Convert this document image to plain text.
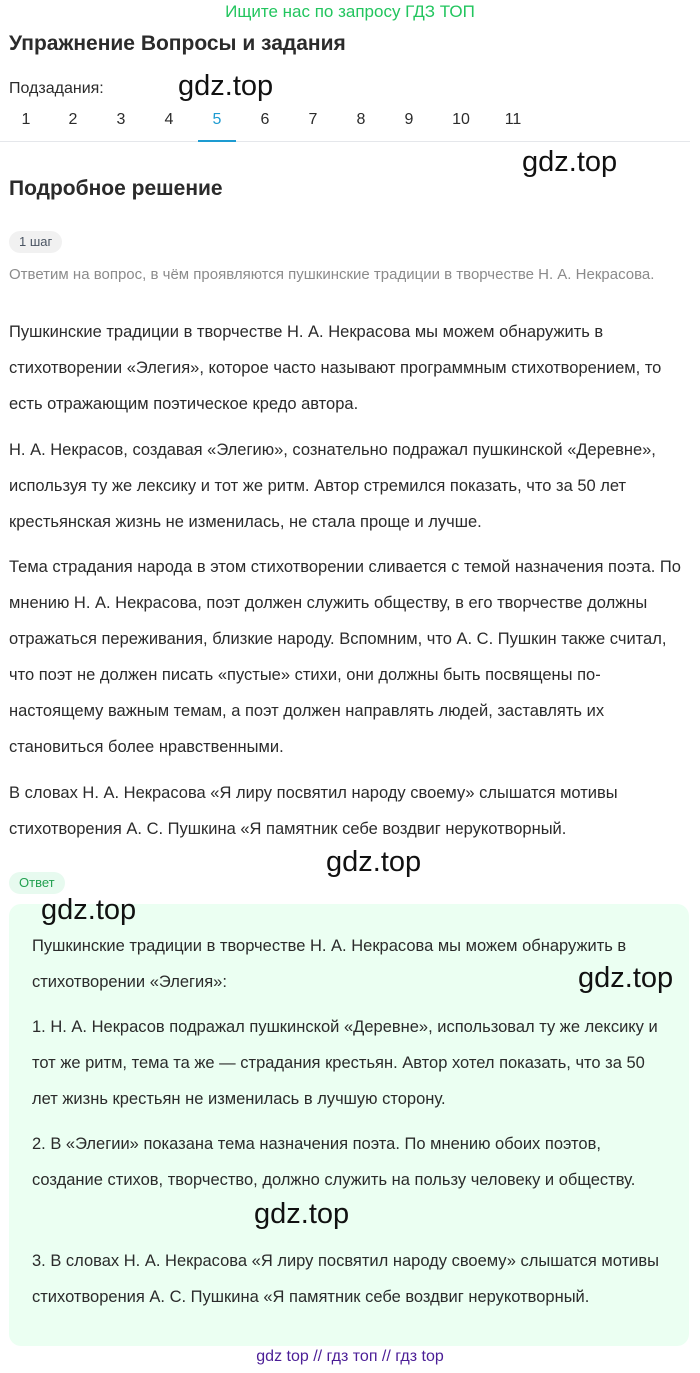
Ищите нас по запросу ГДЗ ТОП
Упражнение Вопросы и задания
Подзадания:
1	2	3	4	5	6	7	8	9	10	11
Подробное решение
1 шаг

Ответим на вопрос, в чём проявляются пушкинские традиции в творчестве Н. А. Некрасова.

Пушкинские традиции в творчестве Н. А. Некрасова мы можем обнаружить в стихотворении «Элегия», которое часто называют программным стихотворением, то есть отражающим поэтическое кредо автора.

Н. А. Некрасов, создавая «Элегию», сознательно подражал пушкинской «Деревне», используя ту же лексику и тот же ритм. Автор стремился показать, что за 50 лет крестьянская жизнь не изменилась, не стала проще и лучше.

Тема страдания народа в этом стихотворении сливается с темой назначения поэта. По мнению Н. А. Некрасова, поэт должен служить обществу, в его творчестве должны отражаться переживания, близкие народу. Вспомним, что А. С. Пушкин также считал, что поэт не должен писать «пустые» стихи, они должны быть посвящены по-настоящему важным темам, а поэт должен направлять людей, заставлять их становиться более нравственными.

В словах Н. А. Некрасова «Я лиру посвятил народу своему» слышатся мотивы стихотворения А. С. Пушкина «Я памятник себе воздвиг нерукотворный.

Ответ

Пушкинские традиции в творчестве Н. А. Некрасова мы можем обнаружить в стихотворении «Элегия»:

1. Н. А. Некрасов подражал пушкинской «Деревне», использовал ту же лексику и тот же ритм, тема та же — страдания крестьян. Автор хотел показать, что за 50 лет жизнь крестьян не изменилась в лучшую сторону.

2. В «Элегии» показана тема назначения поэта. По мнению обоих поэтов, создание стихов, творчество, должно служить на пользу человеку и обществу.

3. В словах Н. А. Некрасова «Я лиру посвятил народу своему» слышатся мотивы стихотворения А. С. Пушкина «Я памятник себе воздвиг нерукотворный.

gdz.top
gdz.top
gdz.top
gdz.top
gdz.top
gdz.top
gdz top // гдз топ // гдз top
